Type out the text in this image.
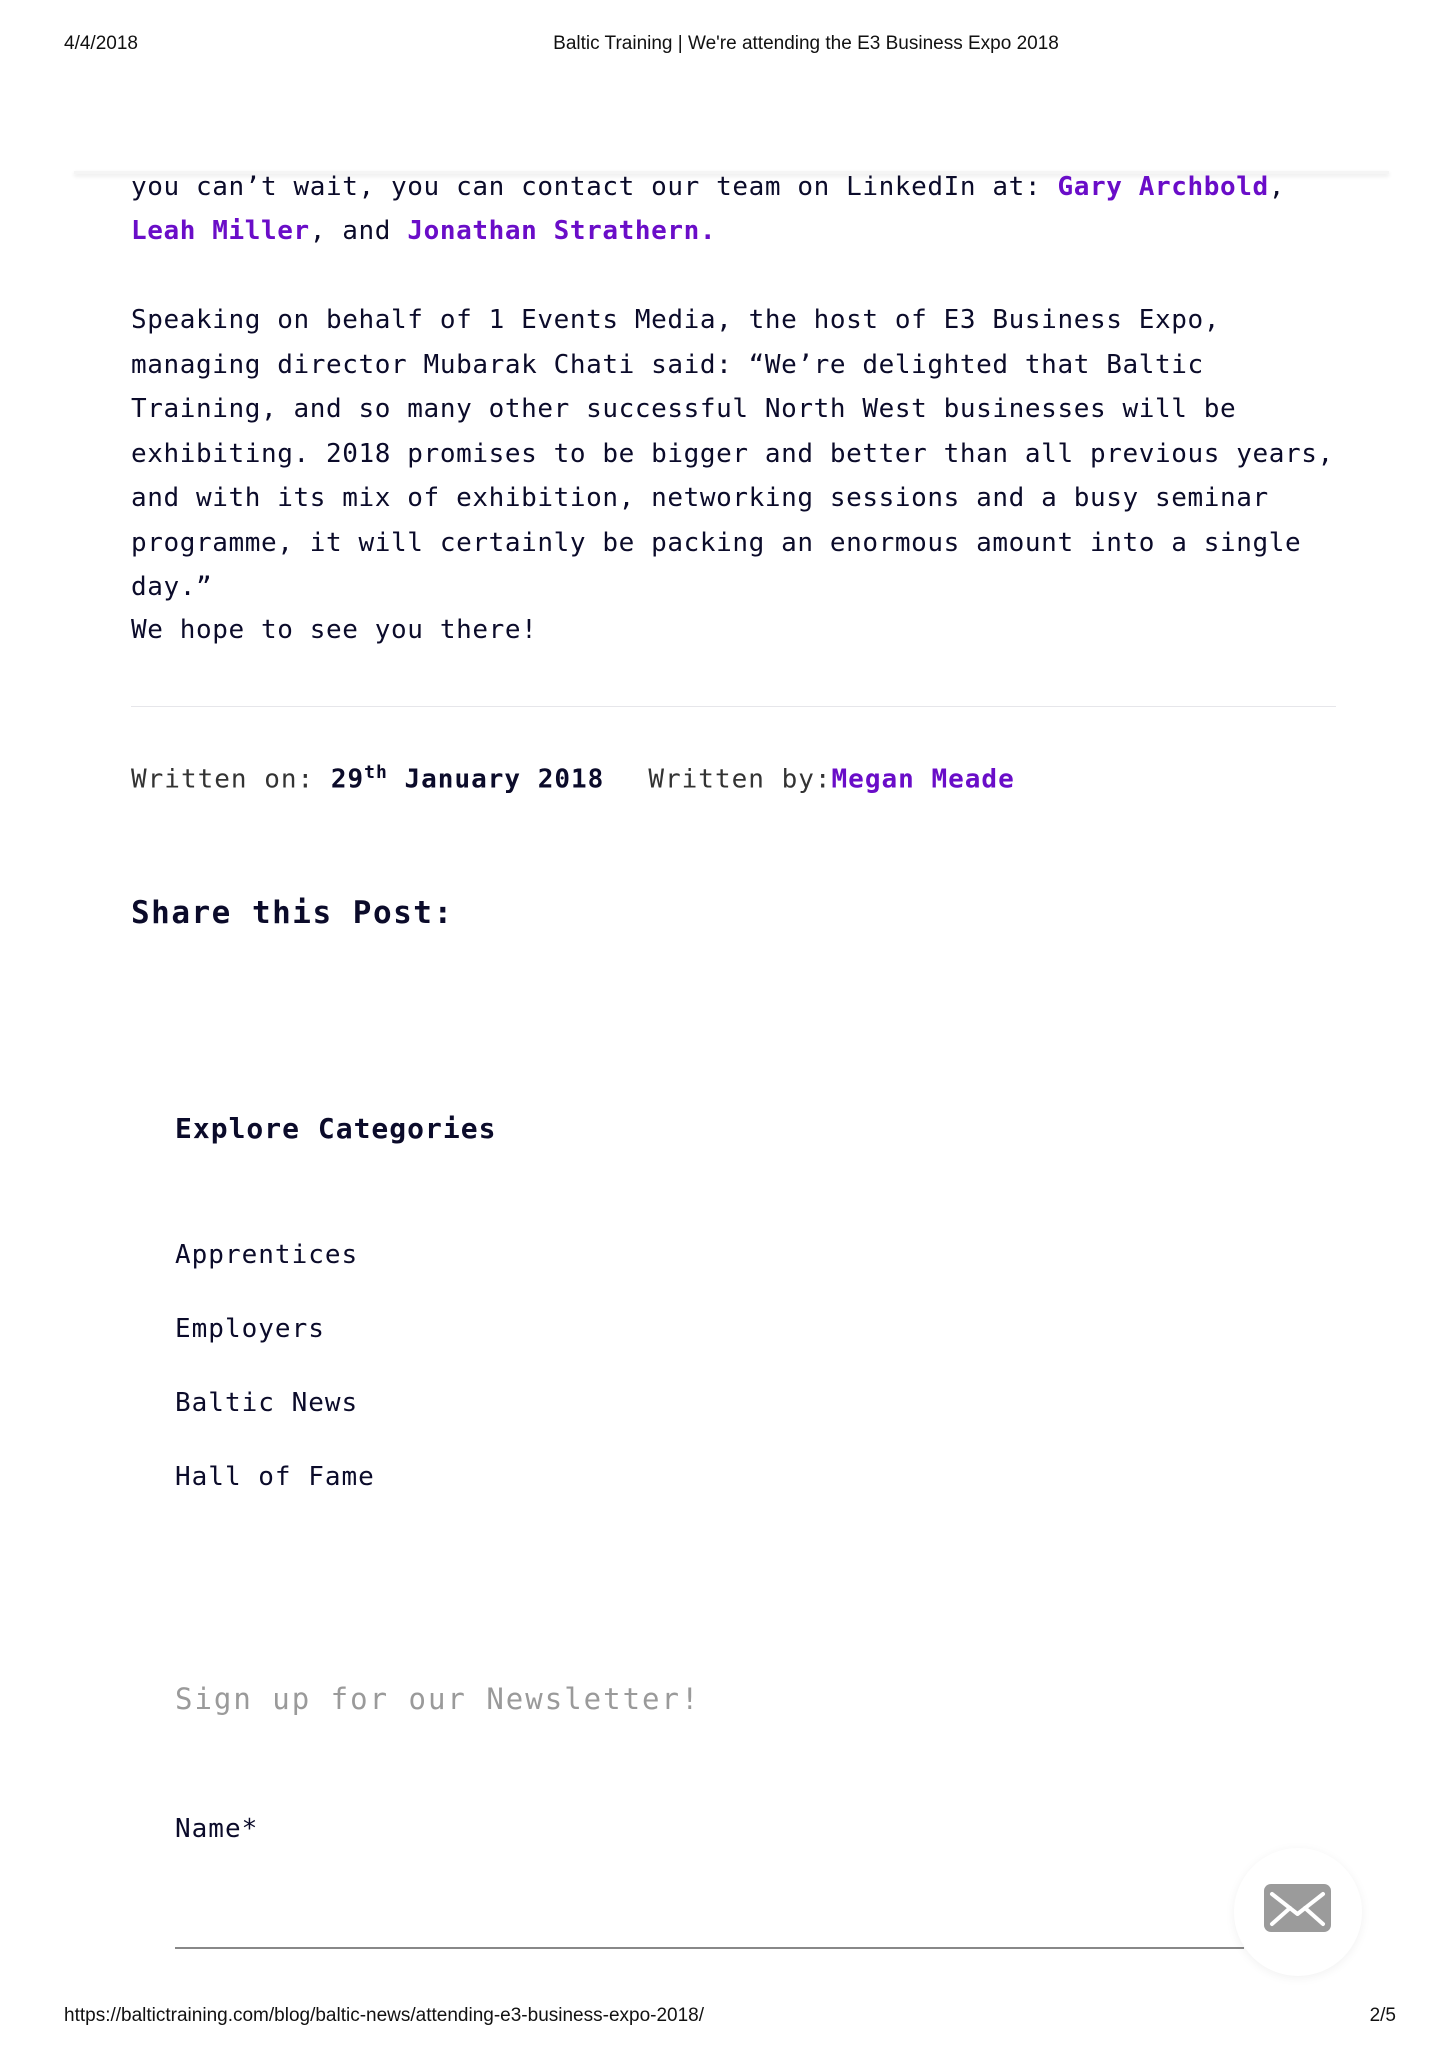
4/4/2018	Baltic Training | We're attending the E3 Business Expo 2018

you can’t wait, you can contact our team on LinkedIn at: Gary Archbold, Leah Miller, and Jonathan Strathern.

Speaking on behalf of 1 Events Media, the host of E3 Business Expo, managing director Mubarak Chati said: “We’re delighted that Baltic Training, and so many other successful North West businesses will be exhibiting. 2018 promises to be bigger and better than all previous years, and with its mix of exhibition, networking sessions and a busy seminar programme, it will certainly be packing an enormous amount into a single day.”

We hope to see you there!

Written on: 29th January 2018 Written by:Megan Meade
Share this Post:
Explore Categories
Apprentices
Employers
Baltic News
Hall of Fame
Sign up for our Newsletter!
Name*
https://baltictraining.com/blog/baltic-news/attending-e3-business-expo-2018/	2/5
